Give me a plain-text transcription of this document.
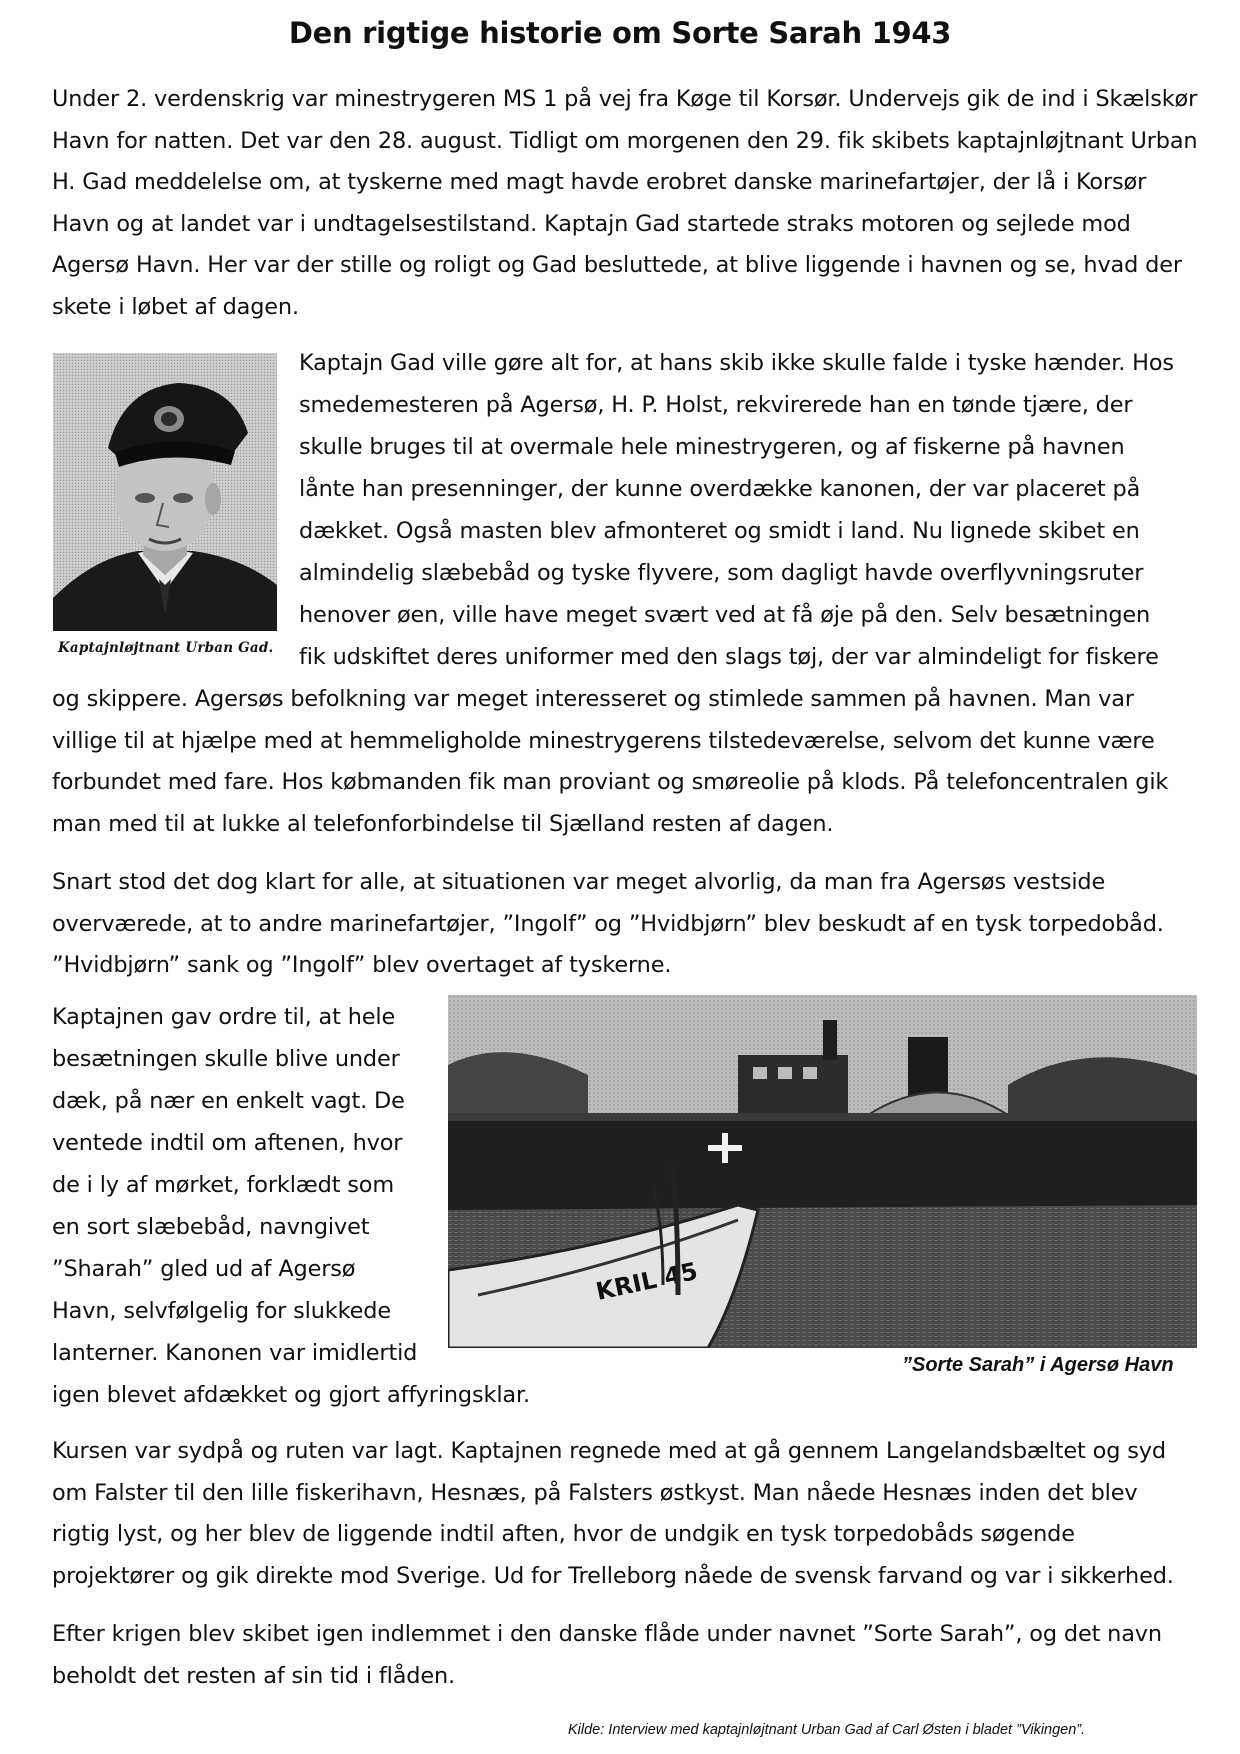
Den rigtige historie om Sorte Sarah 1943

Under 2. verdenskrig var minestrygeren MS 1 på vej fra Køge til Korsør. Undervejs gik de ind i Skælskør Havn for natten. Det var den 28. august. Tidligt om morgenen den 29. fik skibets kaptajnløjtnant Urban H. Gad meddelelse om, at tyskerne med magt havde erobret danske marinefartøjer, der lå i Korsør Havn og at landet var i undtagelsestilstand. Kaptajn Gad startede straks motoren og sejlede mod Agersø Havn. Her var der stille og roligt og Gad besluttede, at blive liggende i havnen og se, hvad der skete i løbet af dagen.

Kaptajnløjtnant Urban Gad.

Kaptajn Gad ville gøre alt for, at hans skib ikke skulle falde i tyske hænder. Hos
smedemesteren på Agersø, H. P. Holst, rekvirerede han en tønde tjære, der
skulle bruges til at overmale hele minestrygeren, og af fiskerne på havnen
lånte han presenninger, der kunne overdække kanonen, der var placeret på
dækket. Også masten blev afmonteret og smidt i land. Nu lignede skibet en
almindelig slæbebåd og tyske flyvere, som dagligt havde overflyvningsruter
henover øen, ville have meget svært ved at få øje på den. Selv besætningen
fik udskiftet deres uniformer med den slags tøj, der var almindeligt for fiskere

og skippere. Agersøs befolkning var meget interesseret og stimlede sammen på havnen. Man var villige til at hjælpe med at hemmeligholde minestrygerens tilstedeværelse, selvom det kunne være forbundet med fare. Hos købmanden fik man proviant og smøreolie på klods. På telefoncentralen gik man med til at lukke al telefonforbindelse til Sjælland resten af dagen.

Snart stod det dog klart for alle, at situationen var meget alvorlig, da man fra Agersøs vestside overværede, at to andre marinefartøjer, ”Ingolf” og ”Hvidbjørn” blev beskudt af en tysk torpedobåd. ”Hvidbjørn” sank og ”Ingolf” blev overtaget af tyskerne.

KRIL 45

”Sorte Sarah” i Agersø Havn

Kaptajnen gav ordre til, at hele
besætningen skulle blive under
dæk, på nær en enkelt vagt. De
ventede indtil om aftenen, hvor
de i ly af mørket, forklædt som
en sort slæbebåd, navngivet
”Sharah” gled ud af Agersø
Havn, selvfølgelig for slukkede
lanterner. Kanonen var imidlertid
igen blevet afdækket og gjort affyringsklar.

Kursen var sydpå og ruten var lagt. Kaptajnen regnede med at gå gennem Langelandsbæltet og syd om Falster til den lille fiskerihavn, Hesnæs, på Falsters østkyst. Man nåede Hesnæs inden det blev rigtig lyst, og her blev de liggende indtil aften, hvor de undgik en tysk torpedobåds søgende projektører og gik direkte mod Sverige. Ud for Trelleborg nåede de svensk farvand og var i sikkerhed.

Efter krigen blev skibet igen indlemmet i den danske flåde under navnet ”Sorte Sarah”, og det navn beholdt det resten af sin tid i flåden.

Kilde: Interview med kaptajnløjtnant Urban Gad af Carl Østen i bladet ”Vikingen”.
